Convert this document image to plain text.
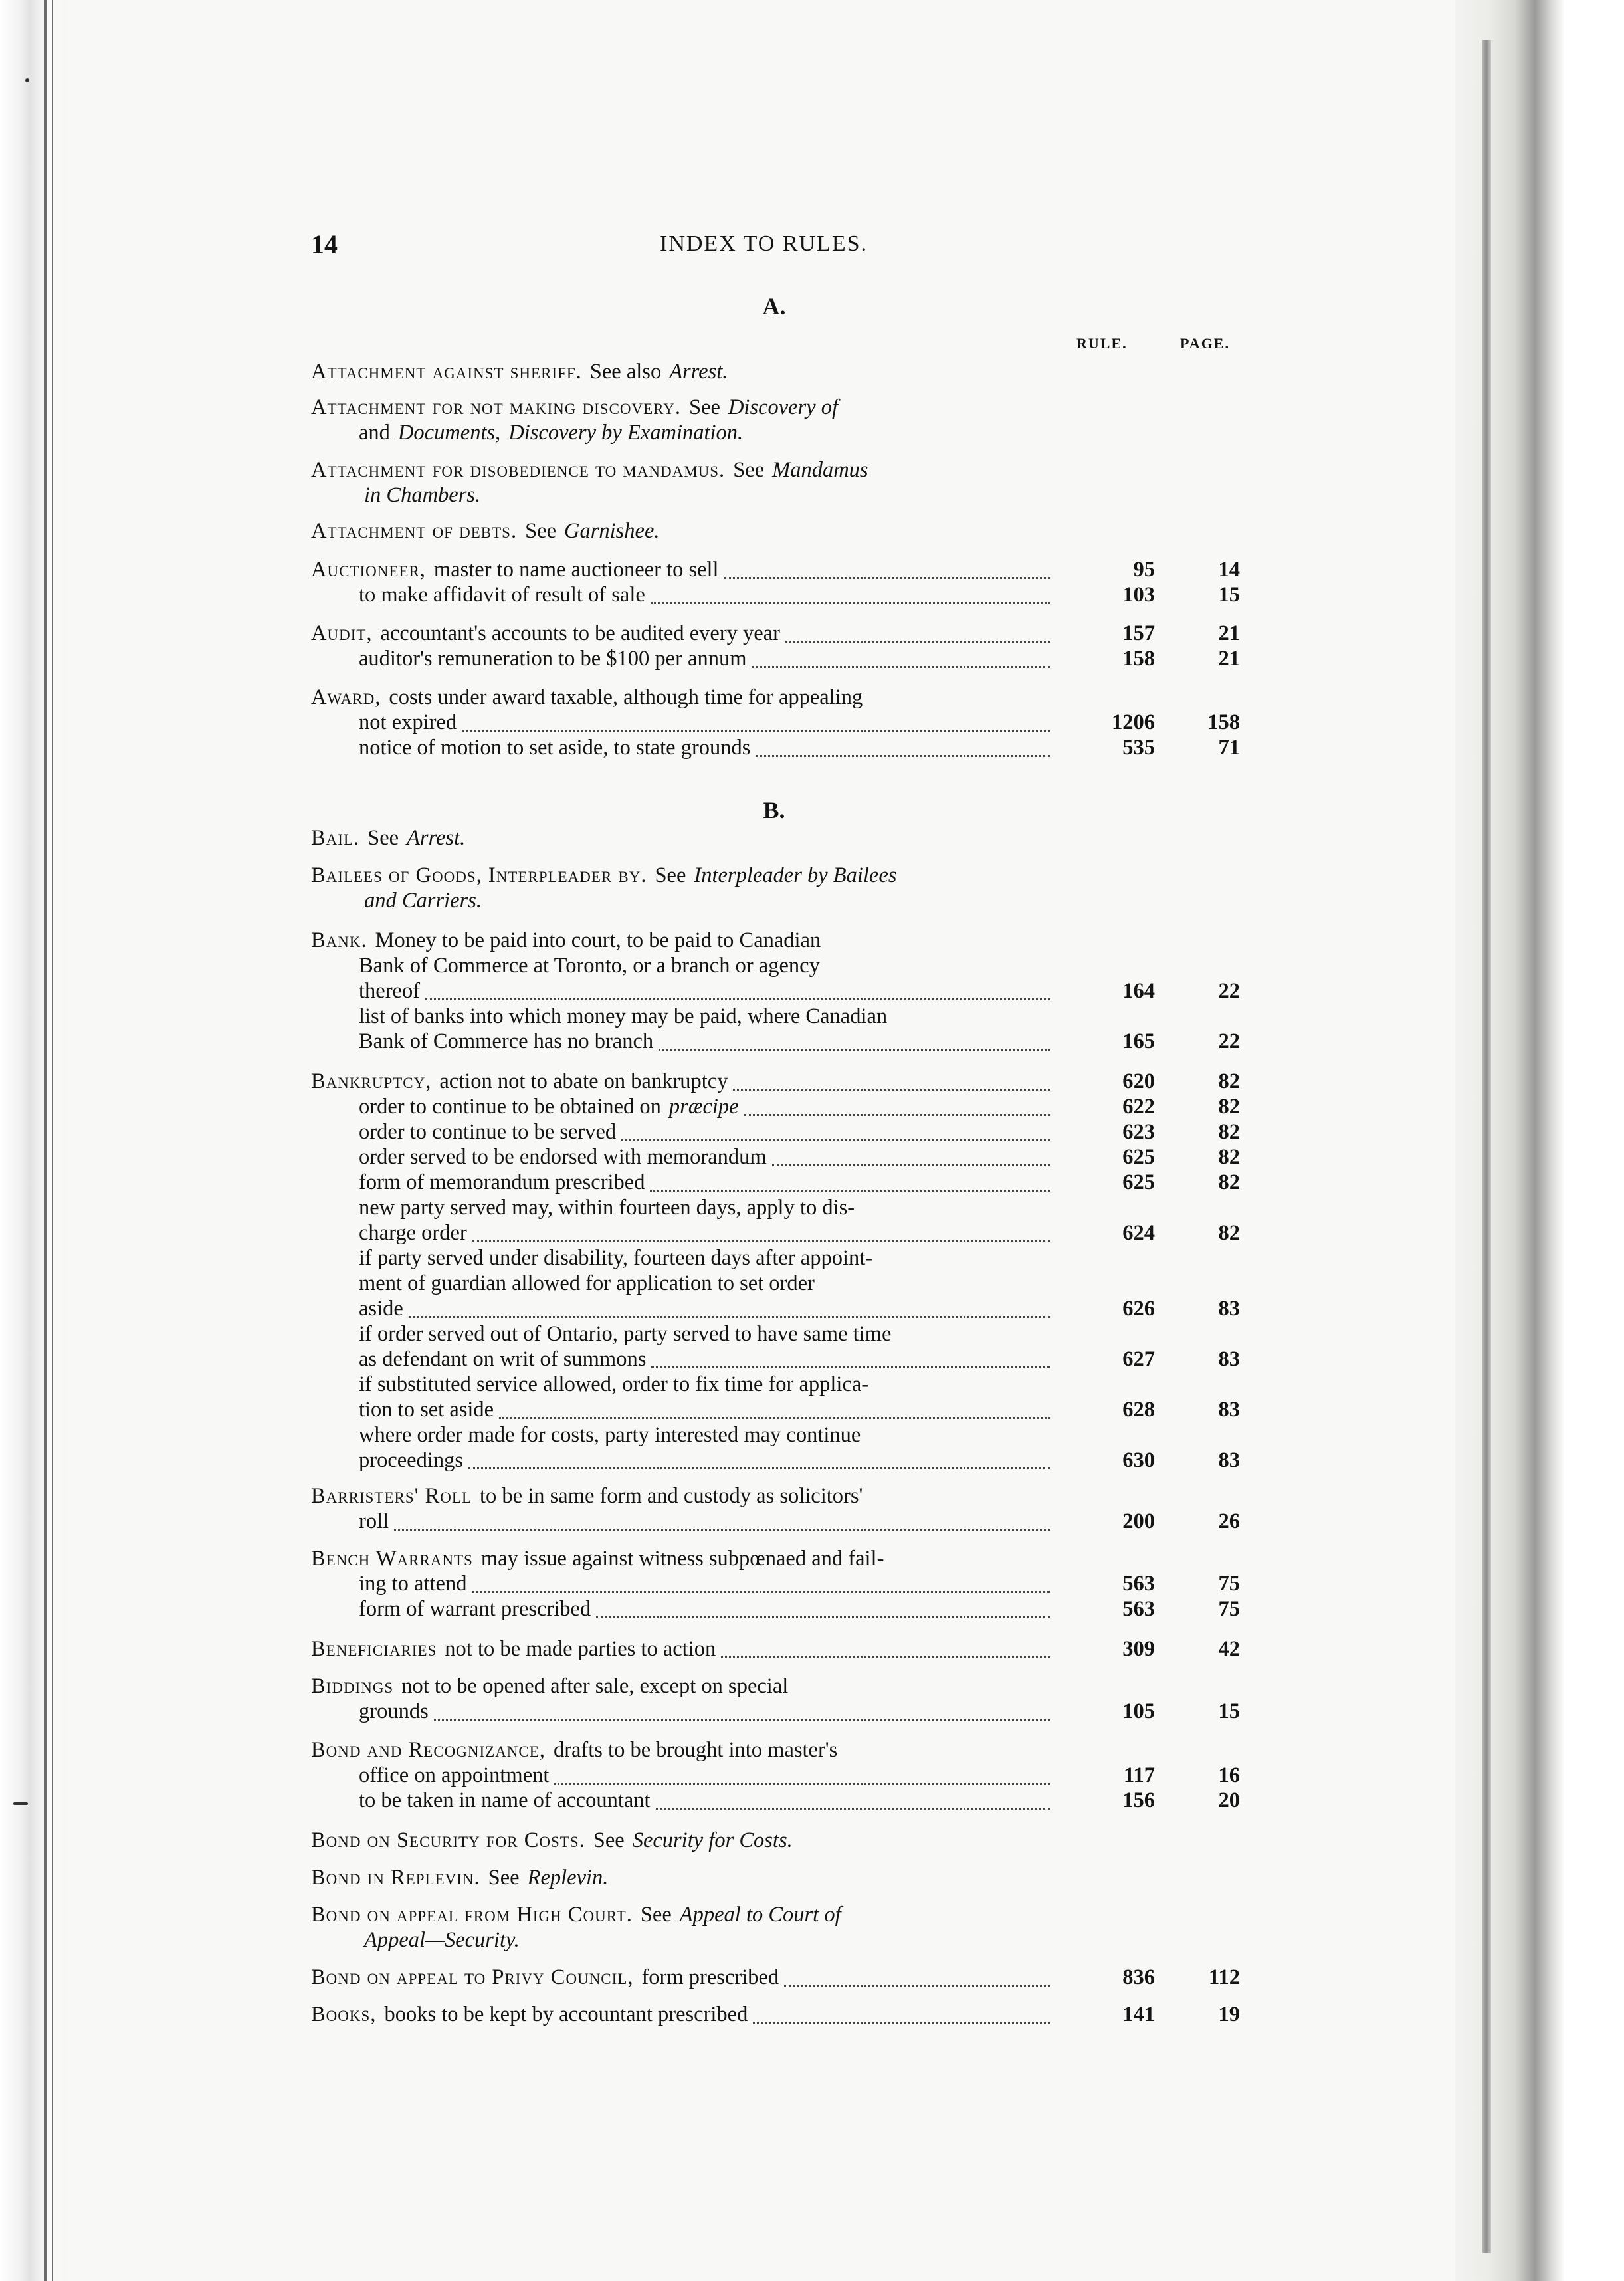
14	INDEX TO RULES.
A.
RULE.	PAGE.
B.
Attachment against sheriff. See also Arrest.
Attachment for not making discovery. See Discovery of
and Documents, Discovery by Examination.
Attachment for disobedience to mandamus. See Mandamus
in Chambers.
Attachment of debts. See Garnishee.
Auctioneer, master to name auctioneer to sell	95	14
to make affidavit of result of sale	103	15
Audit, accountant's accounts to be audited every year	157	21
auditor's remuneration to be $100 per annum	158	21
Award, costs under award taxable, although time for appealing
not expired	1206	158
notice of motion to set aside, to state grounds	535	71
Bail. See Arrest.
Bailees of Goods, Interpleader by. See Interpleader by Bailees
and Carriers.
Bank. Money to be paid into court, to be paid to Canadian
Bank of Commerce at Toronto, or a branch or agency
thereof	164	22
list of banks into which money may be paid, where Canadian
Bank of Commerce has no branch	165	22
Bankruptcy, action not to abate on bankruptcy	620	82
order to continue to be obtained on præcipe	622	82
order to continue to be served	623	82
order served to be endorsed with memorandum	625	82
form of memorandum prescribed	625	82
new party served may, within fourteen days, apply to dis-
charge order	624	82
if party served under disability, fourteen days after appoint-
ment of guardian allowed for application to set order
aside	626	83
if order served out of Ontario, party served to have same time
as defendant on writ of summons	627	83
if substituted service allowed, order to fix time for applica-
tion to set aside	628	83
where order made for costs, party interested may continue
proceedings	630	83
Barristers' Roll to be in same form and custody as solicitors'
roll	200	26
Bench Warrants may issue against witness subpœnaed and fail-
ing to attend	563	75
form of warrant prescribed	563	75
Beneficiaries not to be made parties to action	309	42
Biddings not to be opened after sale, except on special
grounds	105	15
Bond and Recognizance, drafts to be brought into master's
office on appointment	117	16
to be taken in name of accountant	156	20
Bond on Security for Costs. See Security for Costs.
Bond in Replevin. See Replevin.
Bond on appeal from High Court. See Appeal to Court of
Appeal—Security.
Bond on appeal to Privy Council, form prescribed	836	112
Books, books to be kept by accountant prescribed	141	19
